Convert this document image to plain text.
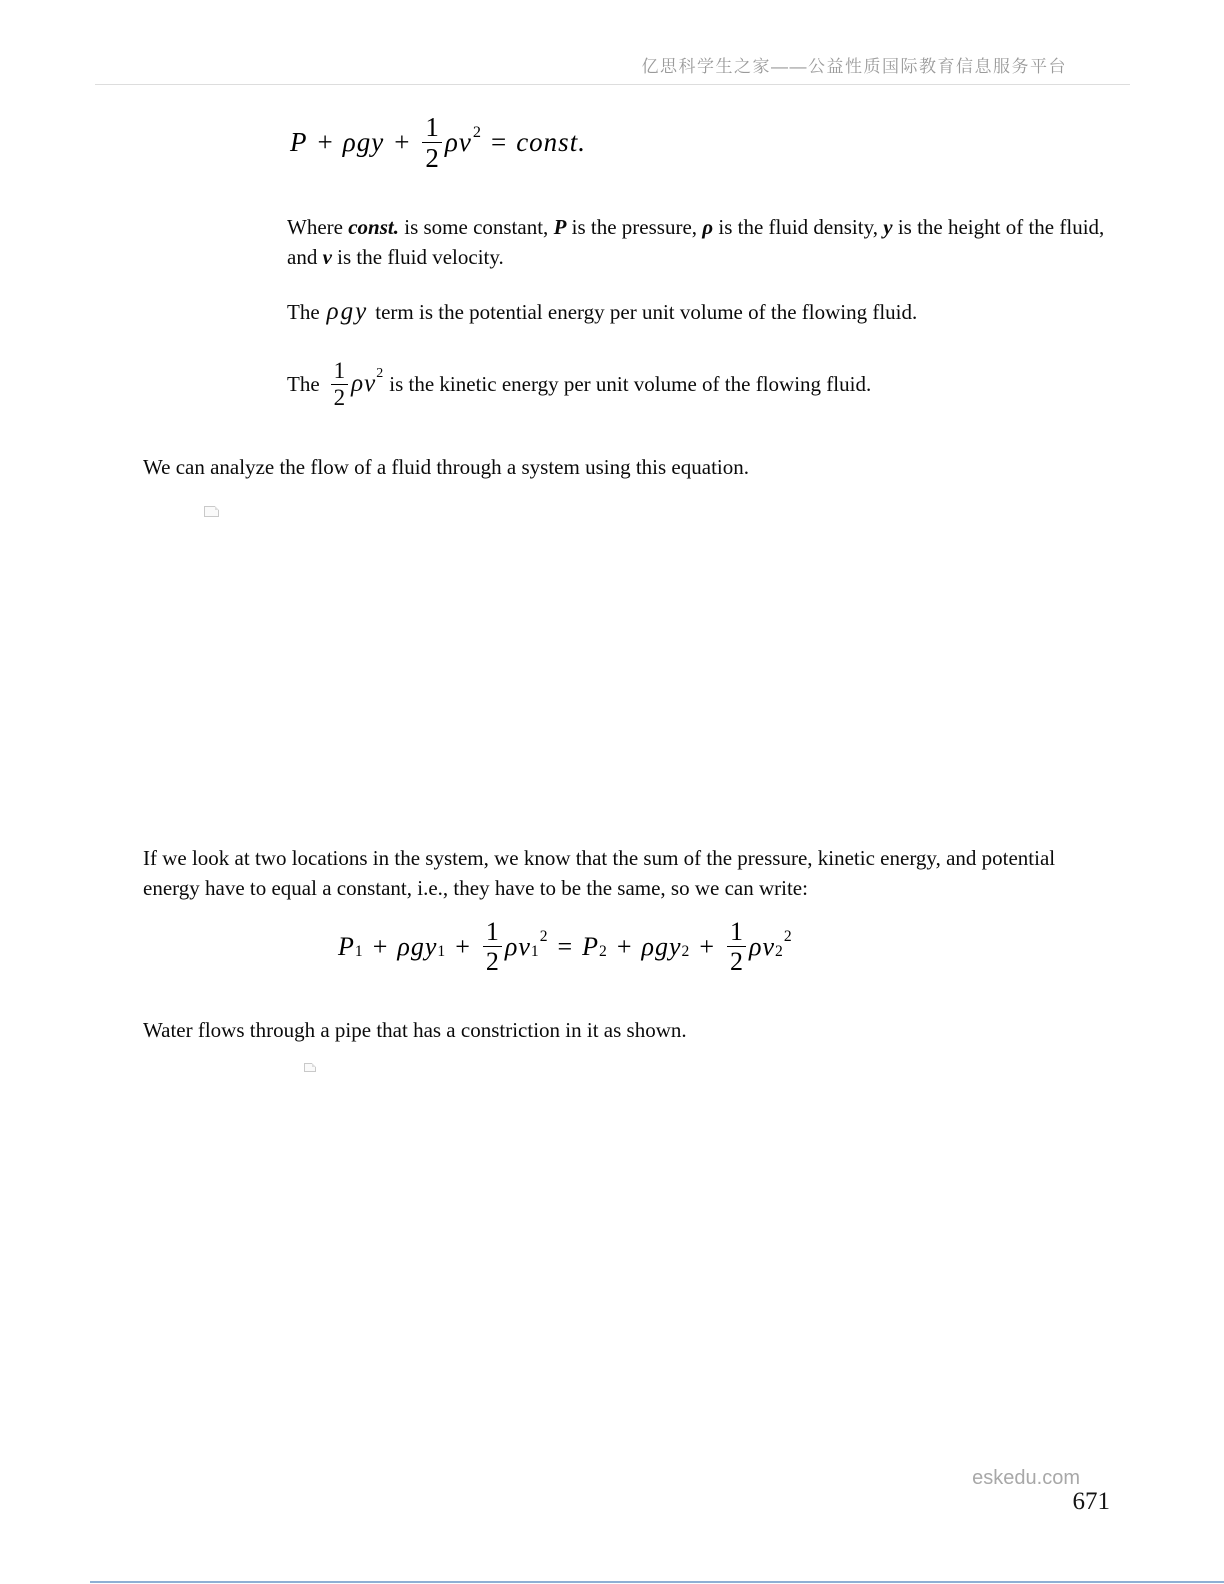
亿思科学生之家——公益性质国际教育信息服务平台
$P + \rho gy + \frac{1}{2}$ ρv 2 = const.

Where const. is some constant, P is the pressure, ρ is the fluid density, y is the height of the fluid, and v is the fluid velocity.

The ρgy term is the potential energy per unit volume of the flowing fluid.

The $\frac{1}{2}$ ρv 2 is the kinetic energy per unit volume of the flowing fluid.

We can analyze the flow of a fluid through a system using this equation.

If we look at two locations in the system, we know that the sum of the pressure, kinetic energy, and potential energy have to equal a constant, i.e., they have to be the same, so we can write:

P 1 + ρgy $1 + \frac{1}{2}$ ρv 1
2 = P 2 + ρgy $2 + \frac{1}{2}$ ρv 2
2

Water flows through a pipe that has a constriction in it as shown.

eskedu.com
671
